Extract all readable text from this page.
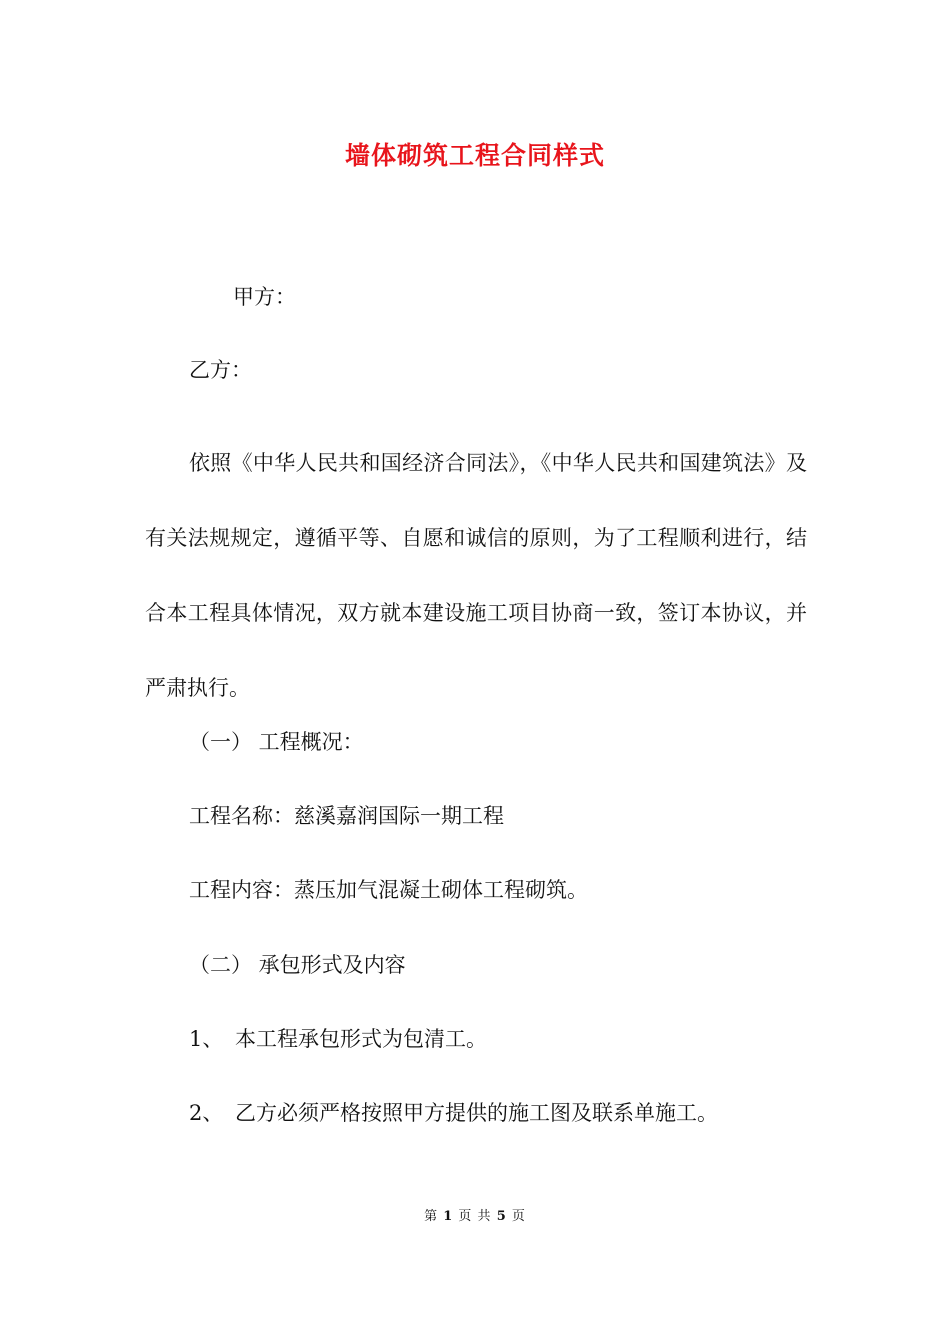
墙体砌筑工程合同样式
甲方：
乙方：
依照《中华人民共和国经济合同法》，《中华人民共和国建筑法》及有关法规规定，遵循平等、自愿和诚信的原则，为了工程顺利进行，结合本工程具体情况，双方就本建设施工项目协商一致，签订本协议，并严肃执行。
（一） 工程概况：
工程名称：慈溪嘉润国际一期工程
工程内容：蒸压加气混凝土砌体工程砌筑。
（二） 承包形式及内容
1、 本工程承包形式为包清工。
2、 乙方必须严格按照甲方提供的施工图及联系单施工。
第 1 页 共 5 页
